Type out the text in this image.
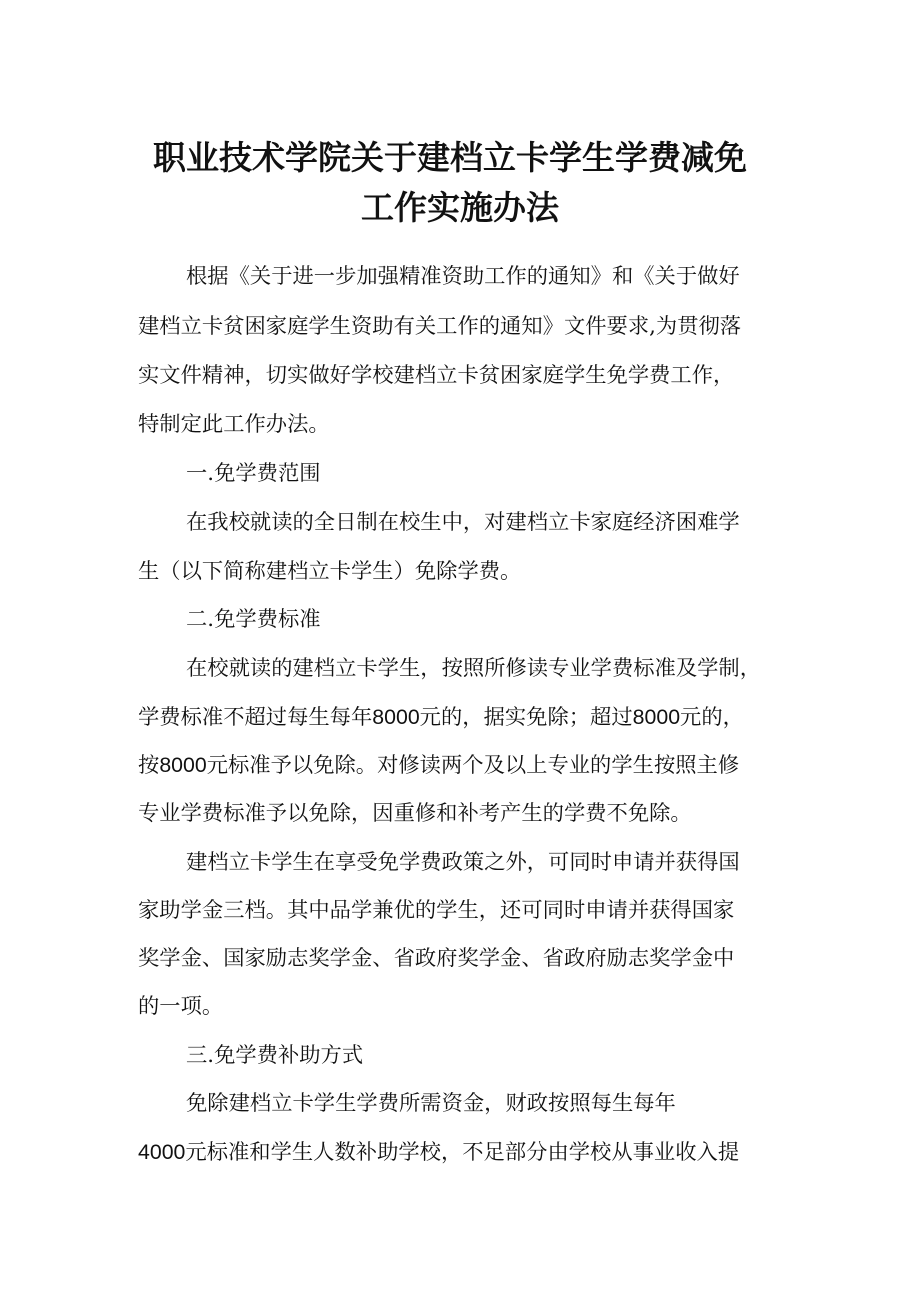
职业技术学院关于建档立卡学生学费减免
工作实施办法
根据《关于进一步加强精准资助工作的通知》和《关于做好
建档立卡贫困家庭学生资助有关工作的通知》文件要求,为贯彻落
实文件精神，切实做好学校建档立卡贫困家庭学生免学费工作，
特制定此工作办法。
一.免学费范围
在我校就读的全日制在校生中，对建档立卡家庭经济困难学
生（以下简称建档立卡学生）免除学费。
二.免学费标准
在校就读的建档立卡学生，按照所修读专业学费标准及学制，
学费标准不超过每生每年8000元的，据实免除；超过8000元的，
按8000元标准予以免除。对修读两个及以上专业的学生按照主修
专业学费标准予以免除，因重修和补考产生的学费不免除。
建档立卡学生在享受免学费政策之外，可同时申请并获得国
家助学金三档。其中品学兼优的学生，还可同时申请并获得国家
奖学金、国家励志奖学金、省政府奖学金、省政府励志奖学金中
的一项。
三.免学费补助方式
免除建档立卡学生学费所需资金，财政按照每生每年
4000元标准和学生人数补助学校，不足部分由学校从事业收入提
